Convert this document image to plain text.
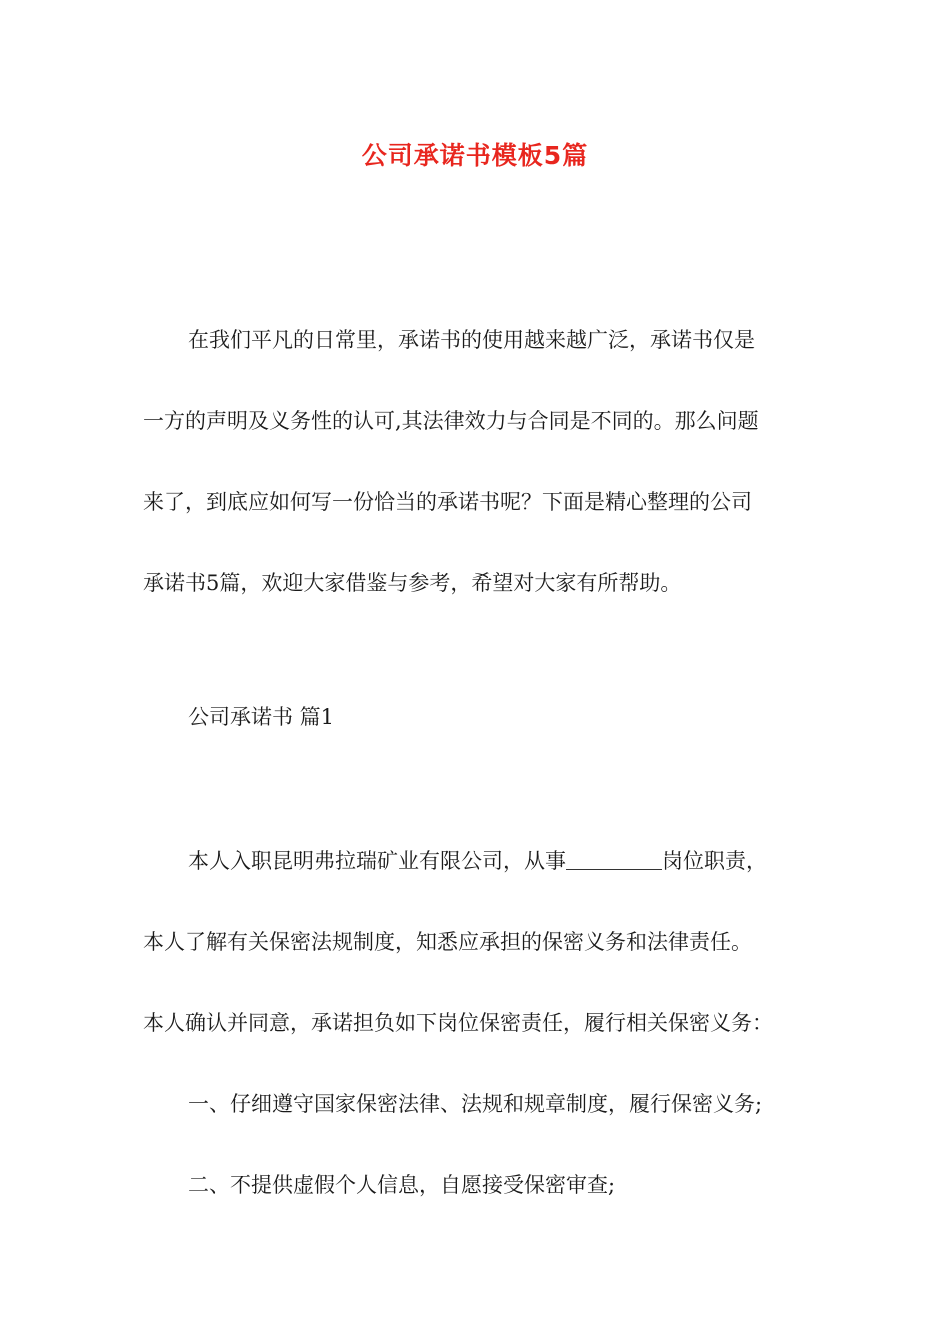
公司承诺书模板5篇
在我们平凡的日常里，承诺书的使用越来越广泛，承诺书仅是
一方的声明及义务性的认可,其法律效力与合同是不同的。那么问题
来了，到底应如何写一份恰当的承诺书呢？下面是精心整理的公司
承诺书5篇，欢迎大家借鉴与参考，希望对大家有所帮助。
公司承诺书 篇1
本人入职昆明弗拉瑞矿业有限公司，从事	岗位职责，
本人了解有关保密法规制度，知悉应承担的保密义务和法律责任。
本人确认并同意，承诺担负如下岗位保密责任，履行相关保密义务：
一、仔细遵守国家保密法律、法规和规章制度，履行保密义务;
二、不提供虚假个人信息，自愿接受保密审查;
